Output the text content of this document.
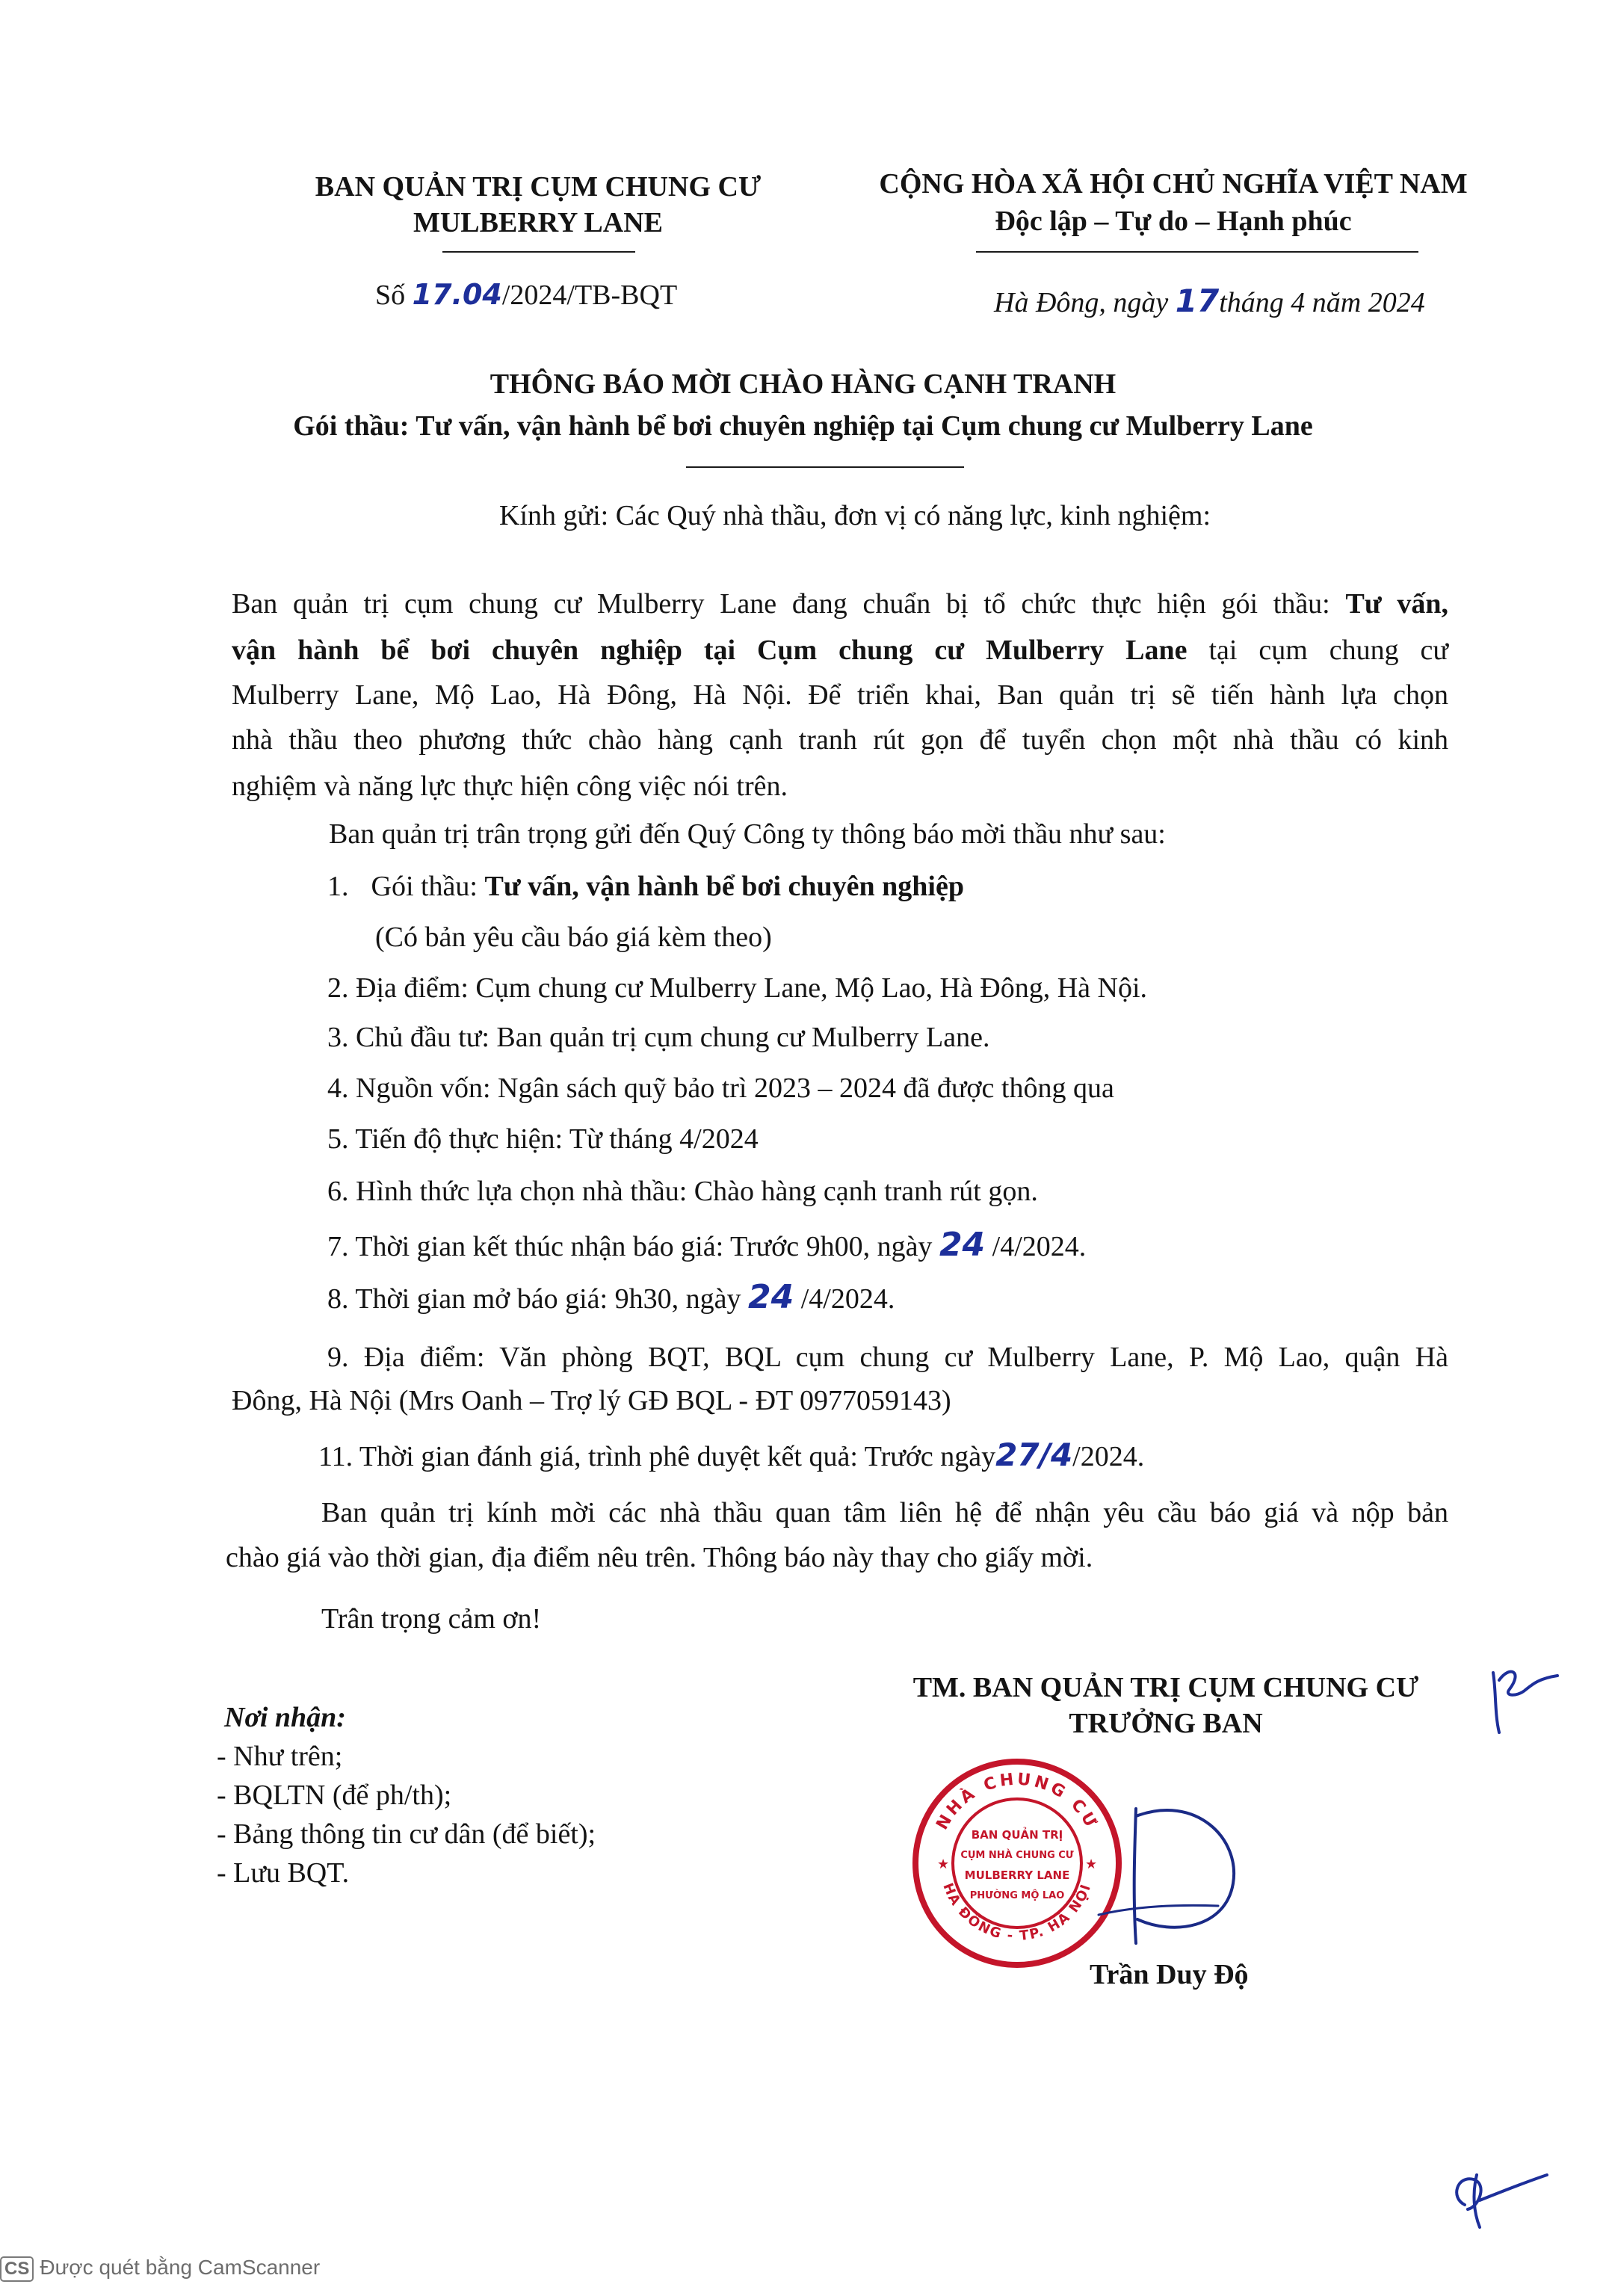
BAN QUẢN TRỊ CỤM CHUNG CƯ
MULBERRY LANE
CỘNG HÒA XÃ HỘI CHỦ NGHĨA VIỆT NAM
Độc lập – Tự do – Hạnh phúc
Số 17.04/2024/TB-BQT	Hà Đông, ngày 17tháng 4 năm 2024
THÔNG BÁO MỜI CHÀO HÀNG CẠNH TRANH
Gói thầu: Tư vấn, vận hành bể bơi chuyên nghiệp tại Cụm chung cư Mulberry Lane
Kính gửi: Các Quý nhà thầu, đơn vị có năng lực, kinh nghiệm:
Ban quản trị cụm chung cư Mulberry Lane đang chuẩn bị tổ chức thực hiện gói thầu: Tư vấn,
vận hành bể bơi chuyên nghiệp tại Cụm chung cư Mulberry Lane tại cụm chung cư
Mulberry Lane, Mộ Lao, Hà Đông, Hà Nội. Để triển khai, Ban quản trị sẽ tiến hành lựa chọn
nhà thầu theo phương thức chào hàng cạnh tranh rút gọn để tuyển chọn một nhà thầu có kinh
nghiệm và năng lực thực hiện công việc nói trên.
Ban quản trị trân trọng gửi đến Quý Công ty thông báo mời thầu như sau:
1. Gói thầu: Tư vấn, vận hành bể bơi chuyên nghiệp
(Có bản yêu cầu báo giá kèm theo)
2. Địa điểm: Cụm chung cư Mulberry Lane, Mộ Lao, Hà Đông, Hà Nội.
3. Chủ đầu tư: Ban quản trị cụm chung cư Mulberry Lane.
4. Nguồn vốn: Ngân sách quỹ bảo trì 2023 – 2024 đã được thông qua
5. Tiến độ thực hiện: Từ tháng 4/2024
6. Hình thức lựa chọn nhà thầu: Chào hàng cạnh tranh rút gọn.
7. Thời gian kết thúc nhận báo giá: Trước 9h00, ngày 24 /4/2024.
8. Thời gian mở báo giá: 9h30, ngày 24 /4/2024.
9. Địa điểm: Văn phòng BQT, BQL cụm chung cư Mulberry Lane, P. Mộ Lao, quận Hà
Đông, Hà Nội (Mrs Oanh – Trợ lý GĐ BQL - ĐT 0977059143)
11. Thời gian đánh giá, trình phê duyệt kết quả: Trước ngày27/4/2024.
Ban quản trị kính mời các nhà thầu quan tâm liên hệ để nhận yêu cầu báo giá và nộp bản
chào giá vào thời gian, địa điểm nêu trên. Thông báo này thay cho giấy mời.
Trân trọng cảm ơn!
Nơi nhận:
- Như trên;
- BQLTN (để ph/th);
- Bảng thông tin cư dân (để biết);
- Lưu BQT.
TM. BAN QUẢN TRỊ CỤM CHUNG CƯ
TRƯỞNG BAN
NHÀ CHUNG CƯ
HÀ ĐÔNG - TP. HÀ NỘI
BAN QUẢN TRỊ
CỤM NHÀ CHUNG CƯ
MULBERRY LANE
PHƯỜNG MỘ LAO
★	★
Trần Duy Độ
CS Được quét bằng CamScanner
